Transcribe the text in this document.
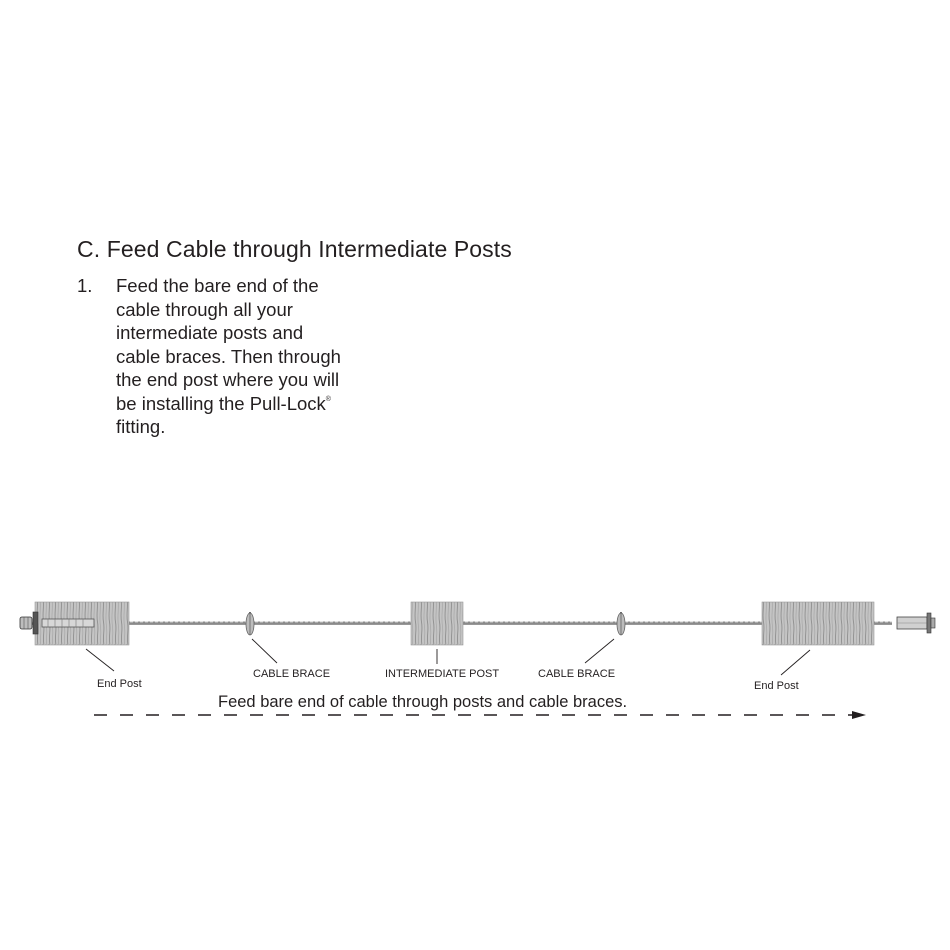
C. Feed Cable through Intermediate Posts
1. Feed the bare end of the
cable through all your
intermediate posts and
cable braces. Then through
the end post where you will
be installing the Pull-Lock®
fitting.
End Post
CABLE BRACE	INTERMEDIATE POST	CABLE BRACE
End Post
Feed bare end of cable through posts and cable braces.
